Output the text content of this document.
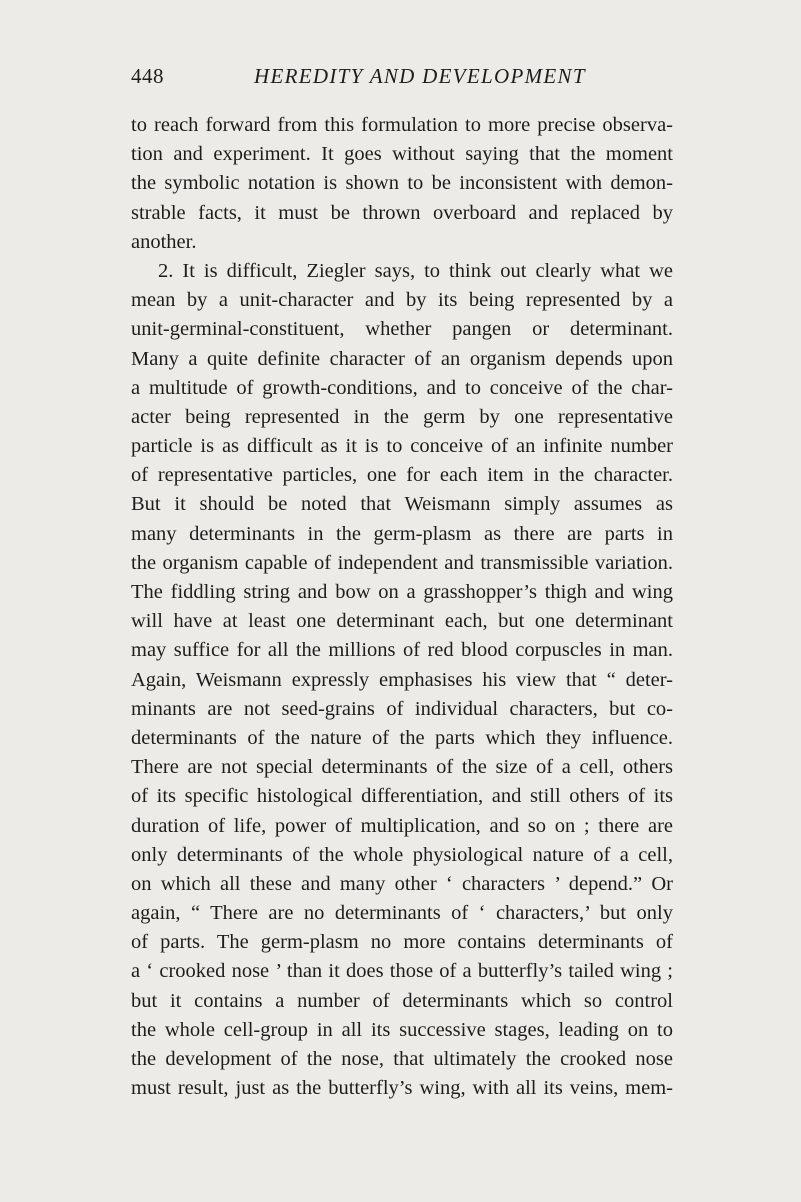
448	HEREDITY AND DEVELOPMENT
to reach forward from this formulation to more precise observa-
tion and experiment. It goes without saying that the moment
the symbolic notation is shown to be inconsistent with demon-
strable facts, it must be thrown overboard and replaced by
another.
2. It is difficult, Ziegler says, to think out clearly what we
mean by a unit-character and by its being represented by a
unit-germinal-constituent, whether pangen or determinant.
Many a quite definite character of an organism depends upon
a multitude of growth-conditions, and to conceive of the char-
acter being represented in the germ by one representative
particle is as difficult as it is to conceive of an infinite number
of representative particles, one for each item in the character.
But it should be noted that Weismann simply assumes as
many determinants in the germ-plasm as there are parts in
the organism capable of independent and transmissible variation.
The fiddling string and bow on a grasshopper’s thigh and wing
will have at least one determinant each, but one determinant
may suffice for all the millions of red blood corpuscles in man.
Again, Weismann expressly emphasises his view that “ deter-
minants are not seed-grains of individual characters, but co-
determinants of the nature of the parts which they influence.
There are not special determinants of the size of a cell, others
of its specific histological differentiation, and still others of its
duration of life, power of multiplication, and so on ; there are
only determinants of the whole physiological nature of a cell,
on which all these and many other ‘ characters ’ depend.” Or
again, “ There are no determinants of ‘ characters,’ but only
of parts. The germ-plasm no more contains determinants of
a ‘ crooked nose ’ than it does those of a butterfly’s tailed wing ;
but it contains a number of determinants which so control
the whole cell-group in all its successive stages, leading on to
the development of the nose, that ultimately the crooked nose
must result, just as the butterfly’s wing, with all its veins, mem-
